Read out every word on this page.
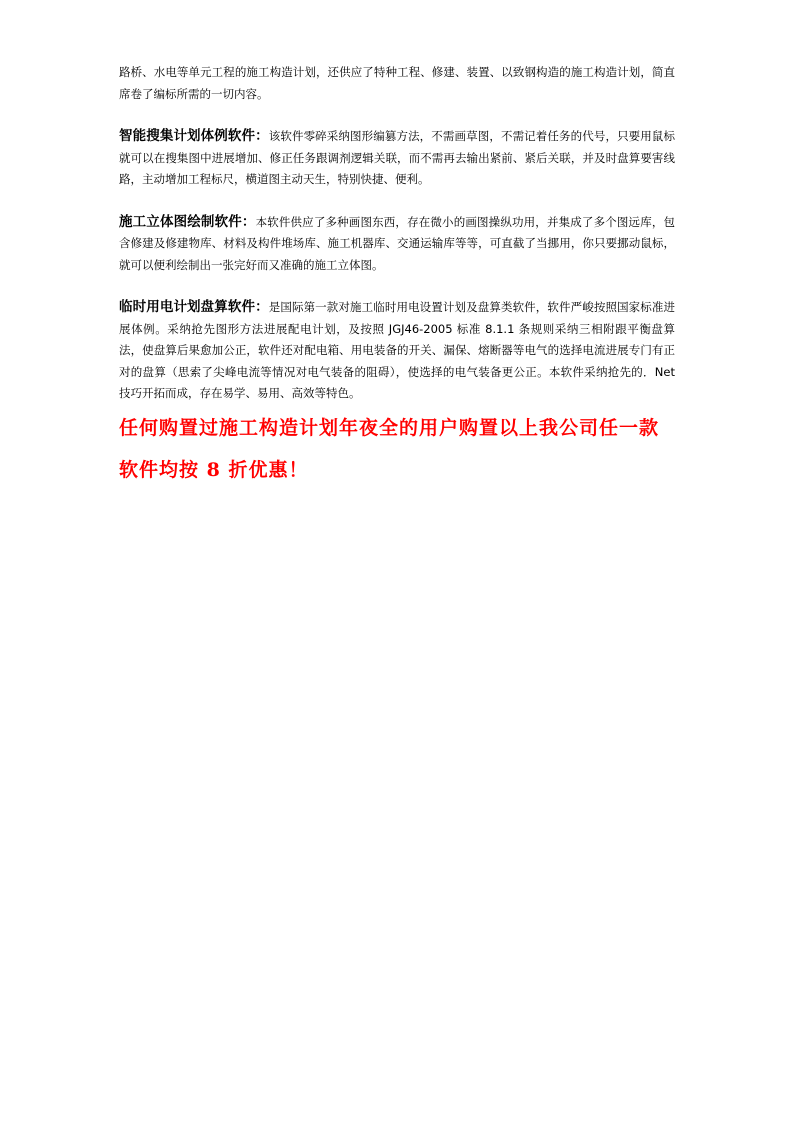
路桥、水电等单元工程的施工构造计划，还供应了特种工程、修建、装置、以致钢构造的施工构造计划，简直席卷了编标所需的一切内容。

智能搜集计划体例软件：该软件零碎采纳图形编篡方法，不需画草图，不需记着任务的代号，只要用鼠标就可以在搜集图中进展增加、修正任务跟调剂逻辑关联，而不需再去输出紧前、紧后关联，并及时盘算要害线路，主动增加工程标尺，横道图主动天生，特别快捷、便利。

施工立体图绘制软件：本软件供应了多种画图东西，存在微小的画图操纵功用，并集成了多个图远库，包含修建及修建物库、材料及构件堆场库、施工机器库、交通运输库等等，可直截了当挪用，你只要挪动鼠标，就可以便利绘制出一张完好而又准确的施工立体图。

临时用电计划盘算软件：是国际第一款对施工临时用电设置计划及盘算类软件，软件严峻按照国家标准进展体例。采纳抢先图形方法进展配电计划，及按照 JGJ46-2005 标准 8.1.1 条规则采纳三相附跟平衡盘算法，使盘算后果愈加公正，软件还对配电箱、用电装备的开关、漏保、熔断器等电气的选择电流进展专门有正对的盘算（思索了尖峰电流等情况对电气装备的阻碍），使选择的电气装备更公正。本软件采纳抢先的．Net 技巧开拓而成，存在易学、易用、高效等特色。

任何购置过施工构造计划年夜全的用户购置以上我公司任一款软件均按 8 折优惠！
